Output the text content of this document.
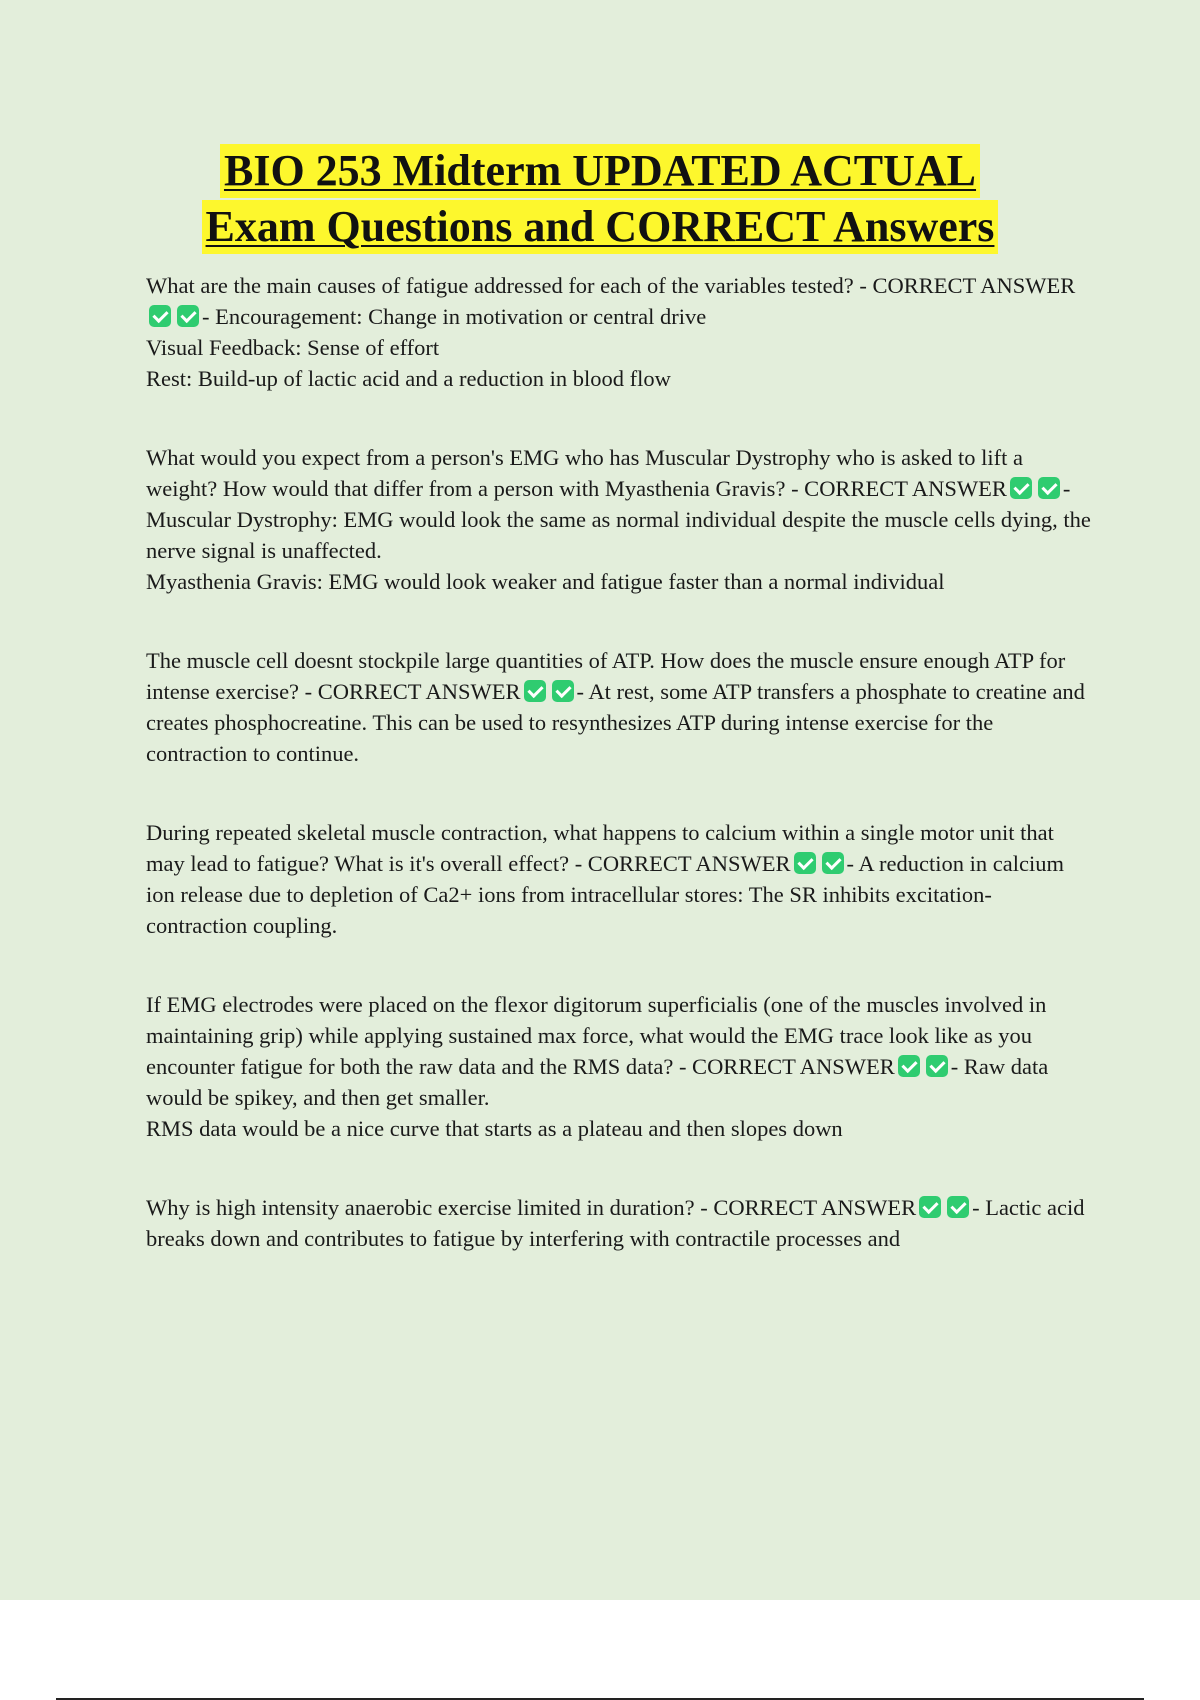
BIO 253 Midterm UPDATED ACTUAL
Exam Questions and CORRECT Answers

What are the main causes of fatigue addressed for each of the variables tested? - CORRECT ANSWER- Encouragement: Change in motivation or central drive

Visual Feedback: Sense of effort

Rest: Build-up of lactic acid and a reduction in blood flow

What would you expect from a person's EMG who has Muscular Dystrophy who is asked to lift a weight? How would that differ from a person with Myasthenia Gravis? - CORRECT ANSWER - Muscular Dystrophy: EMG would look the same as normal individual despite the muscle cells dying, the nerve signal is unaffected.

Myasthenia Gravis: EMG would look weaker and fatigue faster than a normal individual

The muscle cell doesnt stockpile large quantities of ATP. How does the muscle ensure enough ATP for intense exercise? - CORRECT ANSWER - At rest, some ATP transfers a phosphate to creatine and creates phosphocreatine. This can be used to resynthesizes ATP during intense exercise for the contraction to continue.

During repeated skeletal muscle contraction, what happens to calcium within a single motor unit that may lead to fatigue? What is it's overall effect? - CORRECT ANSWER - A reduction in calcium ion release due to depletion of Ca2+ ions from intracellular stores: The SR inhibits excitation-contraction coupling.

If EMG electrodes were placed on the flexor digitorum superficialis (one of the muscles involved in maintaining grip) while applying sustained max force, what would the EMG trace look like as you encounter fatigue for both the raw data and the RMS data? - CORRECT ANSWER - Raw data would be spikey, and then get smaller.

RMS data would be a nice curve that starts as a plateau and then slopes down

Why is high intensity anaerobic exercise limited in duration? - CORRECT ANSWER - Lactic acid breaks down and contributes to fatigue by interfering with contractile processes and
